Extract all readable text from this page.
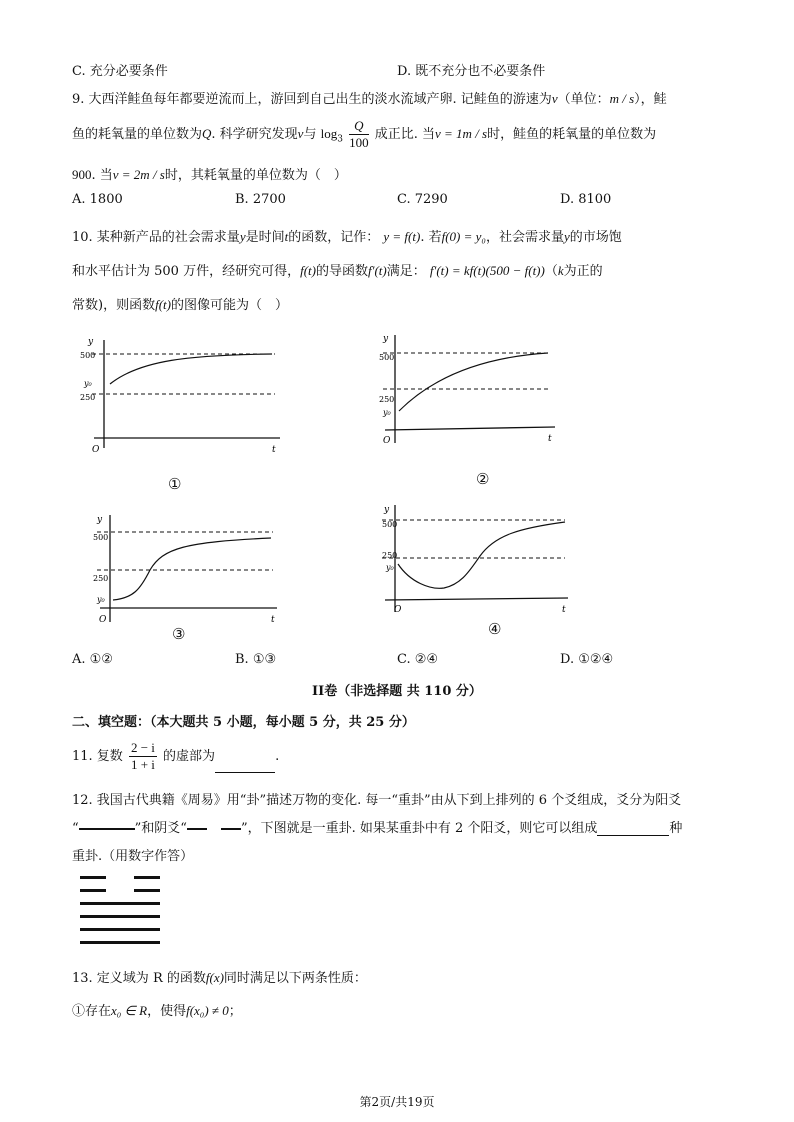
C. 充分必要条件	D. 既不充分也不必要条件
9. 大西洋鲑鱼每年都要逆流而上，游回到自己出生的淡水流域产卵. 记鲑鱼的游速为v（单位：m / s），鲑
鱼的耗氧量的单位数为Q. 科学研究发现v与 $\log_3 \frac{Q}{100}$ 成正比. 当v = 1m / s时，鲑鱼的耗氧量的单位数为
900. 当v = 2m / s时，其耗氧量的单位数为（　）
A. 1800	B. 2700	C. 7290	D. 8100
10. 某种新产品的社会需求量y是时间t的函数，记作： y = f(t). 若f(0) = y₀，社会需求量y的市场饱
和水平估计为 500 万件，经研究可得，f(t)的导函数f′(t)满足： f′(t) = kf(t)(500 − f(t))（k为正的
常数)，则函数f(t)的图像可能为（　）
y
t
O
500
250
y₀
①
y
t
O
500
250
y₀
②
y
t
O
500
250
y₀
③
y
t
O
500
250
y₀
④
A. ①②	B. ①③	C. ②④	D. ①②④
II卷（非选择题 共 110 分）
二、填空题：（本大题共 5 小题，每小题 5 分，共 25 分）
11. 复数 $\frac{2 - i}{1 + i}$ 的虚部为	.
12. 我国古代典籍《周易》用“卦”描述万物的变化. 每一“重卦”由从下到上排列的 6 个爻组成，爻分为阳爻
“	”和阴爻“	”，下图就是一重卦. 如果某重卦中有 2 个阳爻，则它可以组成	种
重卦.（用数字作答）
13. 定义域为 R 的函数f(x)同时满足以下两条性质：
①存在x₀ ∈ R，使得f(x₀) ≠ 0；
第2页/共19页
